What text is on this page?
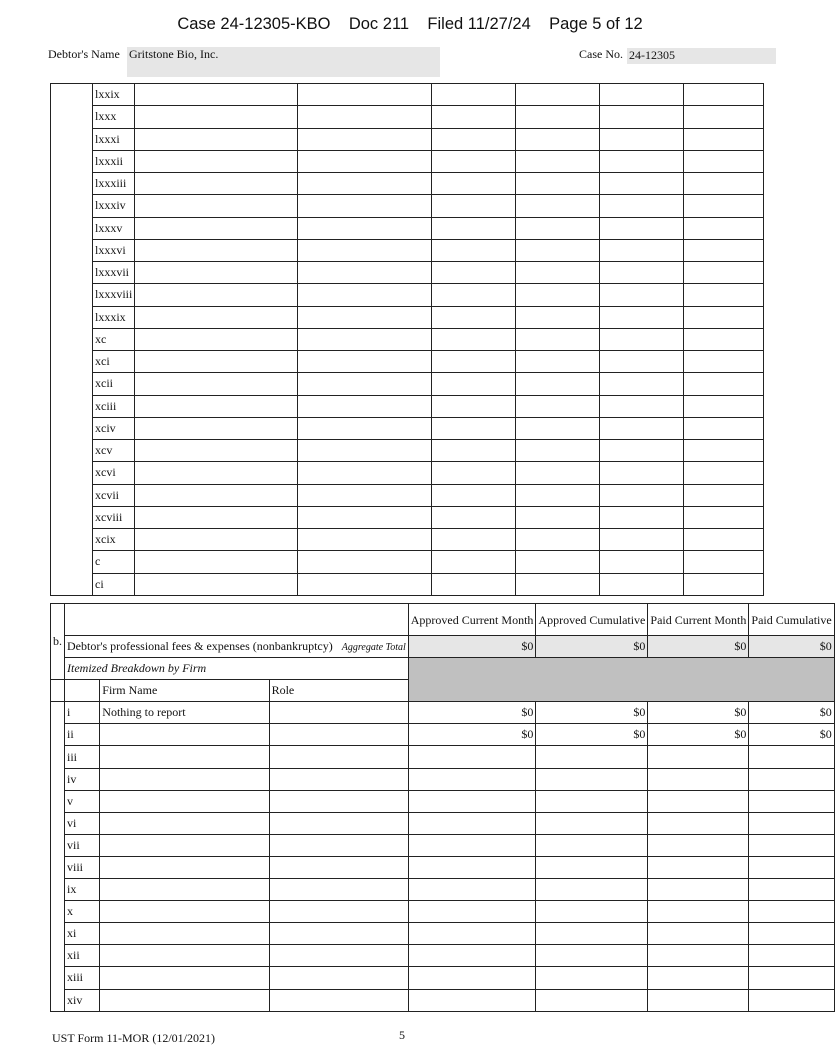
Case 24-12305-KBO    Doc 211    Filed 11/27/24    Page 5 of 12
Debtor's Name Gritstone Bio, Inc.	Case No. 24-12305
	lxxix						
	lxxx						
	lxxxi						
	lxxxii						
	lxxxiii						
	lxxxiv						
	lxxxv						
	lxxxvi						
	lxxxvii						
	lxxxviii						
	lxxxix						
	xc						
	xci						
	xcii						
	xciii						
	xciv						
	xcv						
	xcvi						
	xcvii						
	xcviii						
	xcix						
	c						
	ci						
b.				Approved Current Month	Approved Cumulative	Paid Current Month	Paid Cumulative
	Debtor's professional fees & expenses (nonbankruptcy) Aggregate Total			$0	$0	$0	$0
	Itemized Breakdown by Firm						
		Firm Name	Role				
	i	Nothing to report		$0	$0	$0	$0
	ii			$0	$0	$0	$0
	iii						
	iv						
	v						
	vi						
	vii						
	viii						
	ix						
	x						
	xi						
	xii						
	xiii						
	xiv						
UST Form 11-MOR (12/01/2021)	5
